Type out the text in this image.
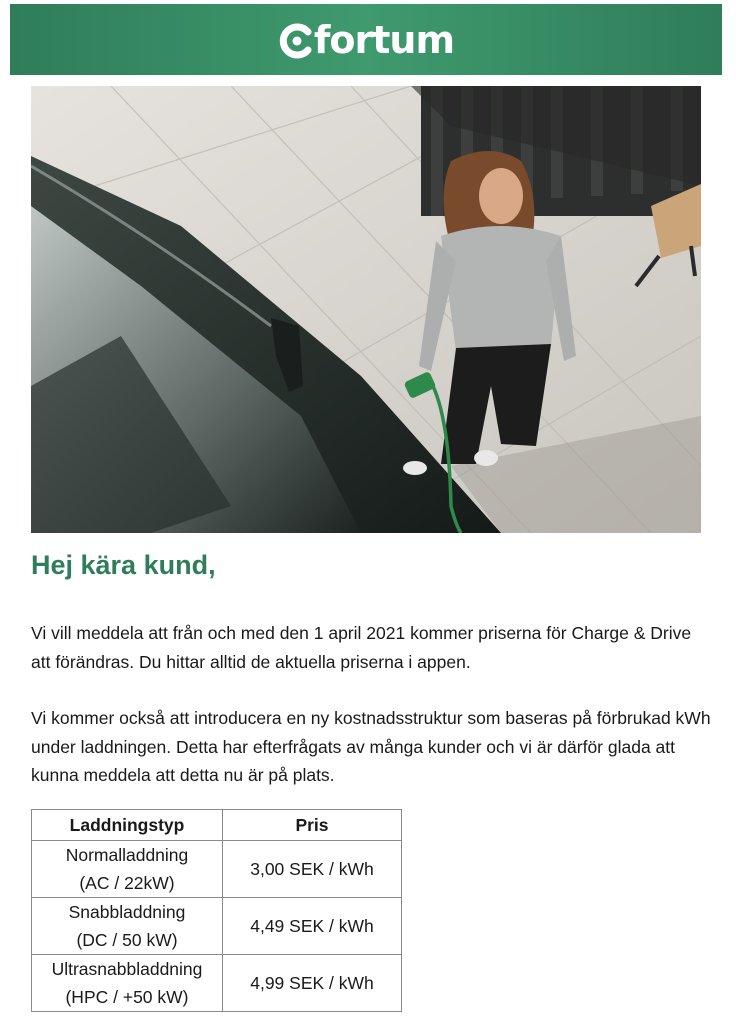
fortum
Hej kära kund,

Vi vill meddela att från och med den 1 april 2021 kommer priserna för Charge & Drive att förändras. Du hittar alltid de aktuella priserna i appen.

Vi kommer också att introducera en ny kostnadsstruktur som baseras på förbrukad kWh under laddningen. Detta har efterfrågats av många kunder och vi är därför glada att kunna meddela att detta nu är på plats.

Laddningstyp	Pris

Normalladdning
(AC / 22kW)	3,00 SEK / kWh

Snabbladdning
(DC / 50 kW)	4,49 SEK / kWh

Ultrasnabbladdning
(HPC / +50 kW)	4,99 SEK / kWh
